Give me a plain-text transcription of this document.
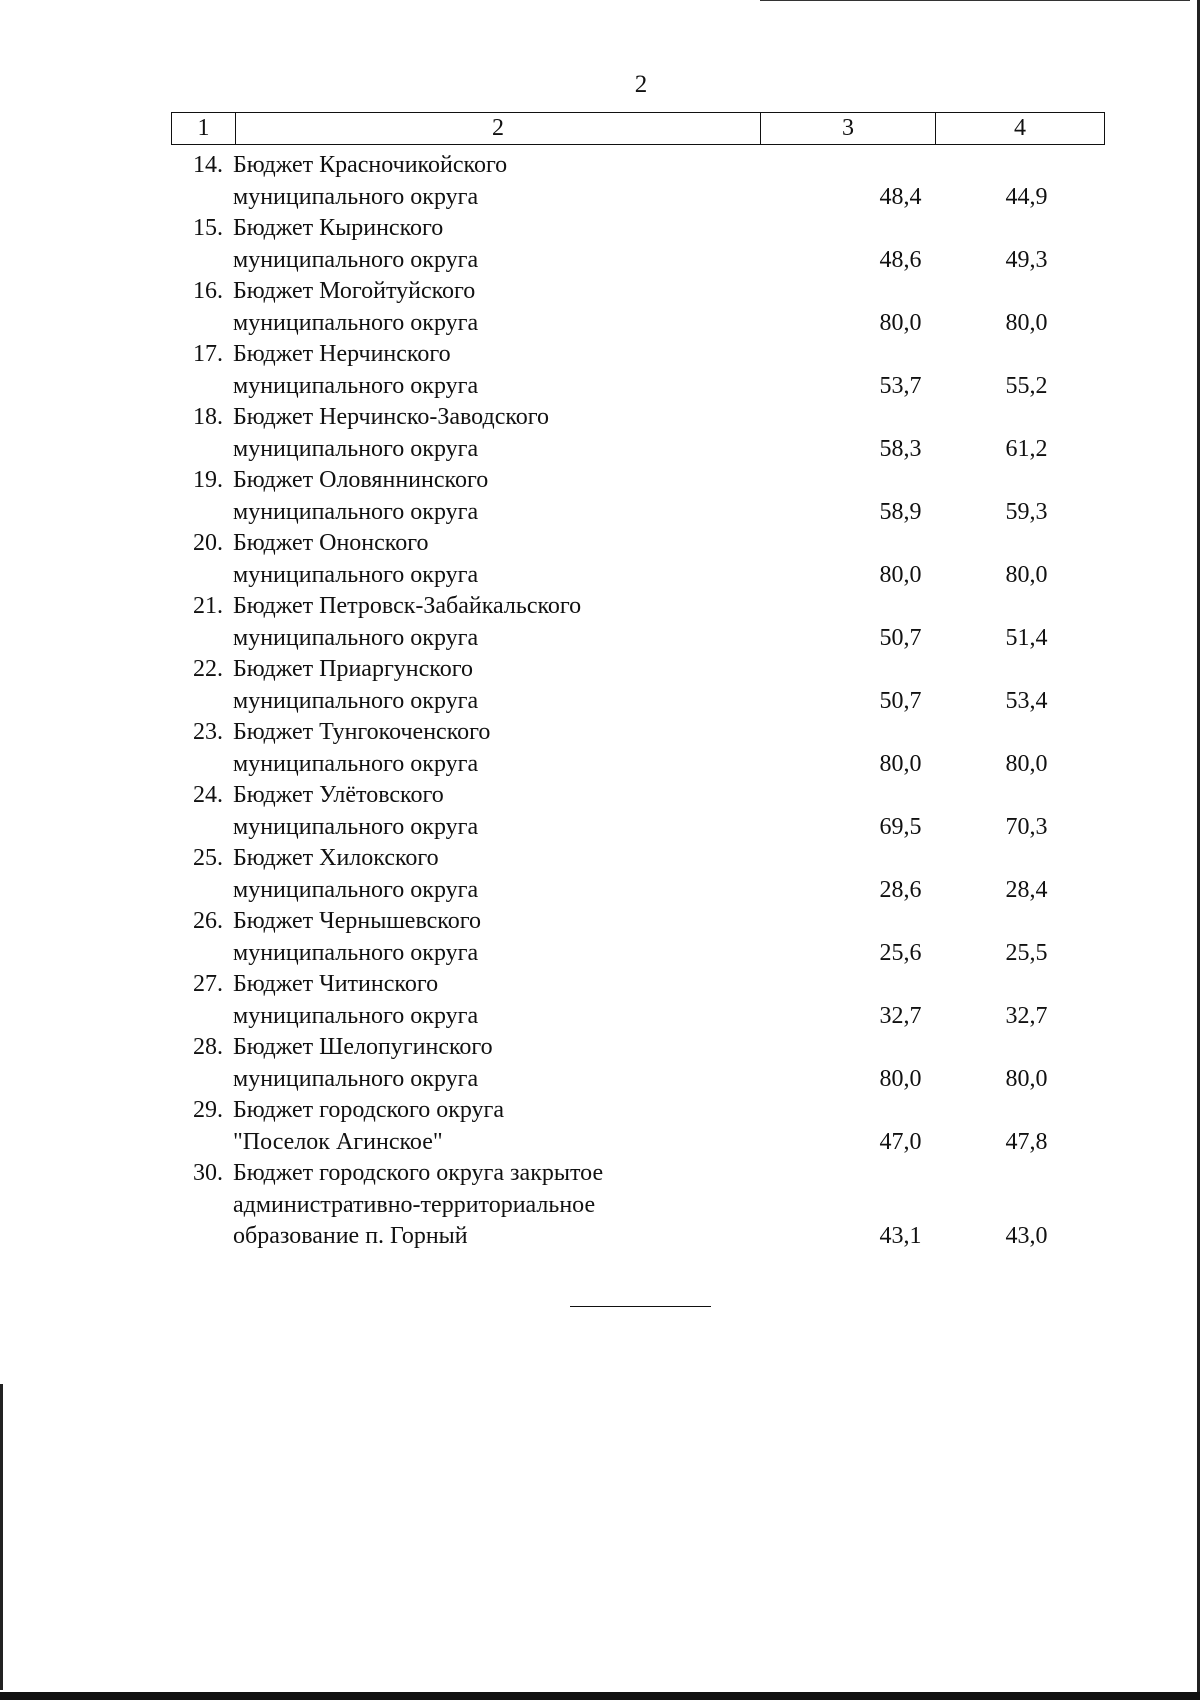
2
1	2	3	4
14. Бюджет Красночикойского
муниципального округа	48,4	44,9
15. Бюджет Кыринского
муниципального округа	48,6	49,3
16. Бюджет Могойтуйского
муниципального округа	80,0	80,0
17. Бюджет Нерчинского
муниципального округа	53,7	55,2
18. Бюджет Нерчинско-Заводского
муниципального округа	58,3	61,2
19. Бюджет Оловяннинского
муниципального округа	58,9	59,3
20. Бюджет Ононского
муниципального округа	80,0	80,0
21. Бюджет Петровск-Забайкальского
муниципального округа	50,7	51,4
22. Бюджет Приаргунского
муниципального округа	50,7	53,4
23. Бюджет Тунгокоченского
муниципального округа	80,0	80,0
24. Бюджет Улётовского
муниципального округа	69,5	70,3
25. Бюджет Хилокского
муниципального округа	28,6	28,4
26. Бюджет Чернышевского
муниципального округа	25,6	25,5
27. Бюджет Читинского
муниципального округа	32,7	32,7
28. Бюджет Шелопугинского
муниципального округа	80,0	80,0
29. Бюджет городского округа
"Поселок Агинское"	47,0	47,8
30. Бюджет городского округа закрытое
административно-территориальное
образование п. Горный	43,1	43,0
